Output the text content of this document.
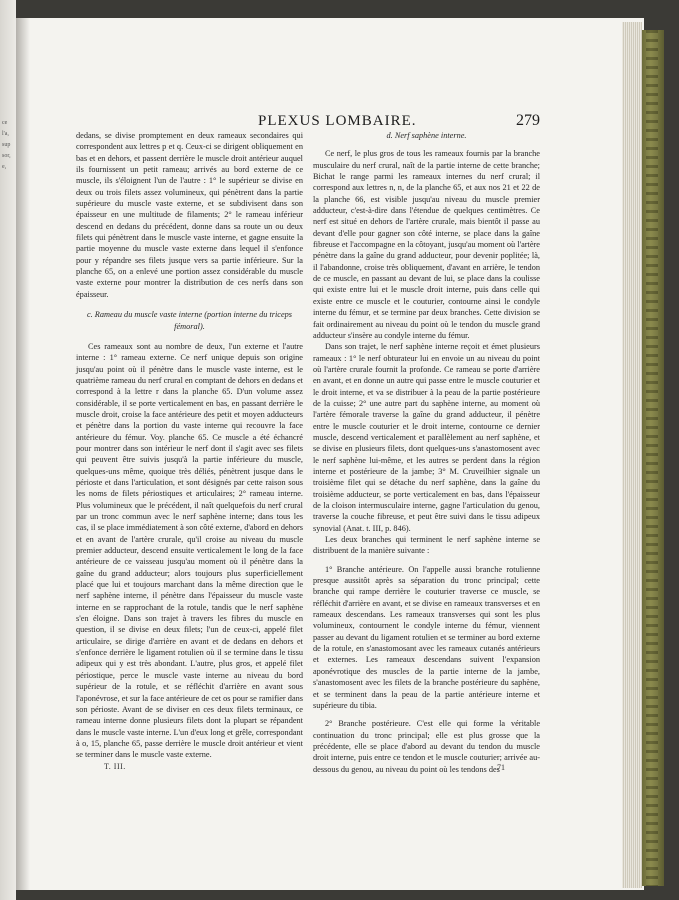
ce
l'a,
sup
sor,
e,
PLEXUS LOMBAIRE.	279

dedans, se divise promptement en deux rameaux secondaires qui correspondent aux lettres p et q. Ceux-ci se dirigent obliquement en bas et en dehors, et passent derrière le muscle droit antérieur auquel ils fournissent un petit rameau; arrivés au bord externe de ce muscle, ils s'éloignent l'un de l'autre : 1° le supérieur se divise en deux ou trois filets assez volumineux, qui pénètrent dans la partie supérieure du muscle vaste externe, et se subdivisent dans son épaisseur en une multitude de filaments; 2° le rameau inférieur descend en dedans du précédent, donne dans sa route un ou deux filets qui pénètrent dans le muscle vaste interne, et gagne ensuite la partie moyenne du muscle vaste externe dans lequel il s'enfonce pour y répandre ses filets jusque vers sa partie inférieure. Sur la planche 65, on a enlevé une portion assez considérable du muscle vaste externe pour montrer la distribution de ces nerfs dans son épaisseur.

c. Rameau du muscle vaste interne (portion interne du triceps fémoral).

Ces rameaux sont au nombre de deux, l'un externe et l'autre interne : 1° rameau externe. Ce nerf unique depuis son origine jusqu'au point où il pénètre dans le muscle vaste interne, est le quatrième rameau du nerf crural en comptant de dehors en dedans et correspond à la lettre r dans la planche 65. D'un volume assez considérable, il se porte verticalement en bas, en passant derrière le muscle droit, croise la face antérieure des petit et moyen adducteurs et pénètre dans la portion du vaste interne qui recouvre la face antérieure du fémur. Voy. planche 65. Ce muscle a été échancré pour montrer dans son intérieur le nerf dont il s'agit avec ses filets qui peuvent être suivis jusqu'à la partie inférieure du muscle, quelques-uns même, quoique très déliés, pénètrent jusque dans le périoste et dans l'articulation, et sont désignés par cette raison sous les noms de filets périostiques et articulaires; 2° rameau interne. Plus volumineux que le précédent, il naît quelquefois du nerf crural par un tronc commun avec le nerf saphène interne; dans tous les cas, il se place immédiatement à son côté externe, d'abord en dehors et en avant de l'artère crurale, qu'il croise au niveau du muscle premier adducteur, descend ensuite verticalement le long de la face antérieure de ce vaisseau jusqu'au moment où il pénètre dans la gaîne du grand adducteur; alors toujours plus superficiellement placé que lui et toujours marchant dans la même direction que le nerf saphène interne, il pénètre dans l'épaisseur du muscle vaste interne en se rapprochant de la rotule, tandis que le nerf saphène s'en éloigne. Dans son trajet à travers les fibres du muscle en question, il se divise en deux filets; l'un de ceux-ci, appelé filet articulaire, se dirige d'arrière en avant et de dedans en dehors et s'enfonce derrière le ligament rotulien où il se termine dans le tissu adipeux qui y est très abondant. L'autre, plus gros, et appelé filet périostique, perce le muscle vaste interne au niveau du bord supérieur de la rotule, et se réfléchit d'arrière en avant sous l'aponévrose, et sur la face antérieure de cet os pour se ramifier dans son périoste. Avant de se diviser en ces deux filets terminaux, ce rameau interne donne plusieurs filets dont la plupart se répandent dans le muscle vaste interne. L'un d'eux long et grêle, correspondant à o, 15, planche 65, passe derrière le muscle droit antérieur et vient se terminer dans le muscle vaste externe.

d. Nerf saphène interne.

Ce nerf, le plus gros de tous les rameaux fournis par la branche musculaire du nerf crural, naît de la partie interne de cette branche; Bichat le range parmi les rameaux internes du nerf crural; il correspond aux lettres n, n, de la planche 65, et aux nos 21 et 22 de la planche 66, est visible jusqu'au niveau du muscle premier adducteur, c'est-à-dire dans l'étendue de quelques centimètres. Ce nerf est situé en dehors de l'artère crurale, mais bientôt il passe au devant d'elle pour gagner son côté interne, se place dans la gaîne fibreuse et l'accompagne en la côtoyant, jusqu'au moment où l'artère pénètre dans la gaîne du grand adducteur, pour devenir poplitée; là, il l'abandonne, croise très obliquement, d'avant en arrière, le tendon de ce muscle, en passant au devant de lui, se place dans la coulisse qui existe entre lui et le muscle droit interne, puis dans celle qui existe entre ce muscle et le couturier, contourne ainsi le condyle interne du fémur, et se termine par deux branches. Cette division se fait ordinairement au niveau du point où le tendon du muscle grand adducteur s'insère au condyle interne du fémur.

Dans son trajet, le nerf saphène interne reçoit et émet plusieurs rameaux : 1° le nerf obturateur lui en envoie un au niveau du point où l'artère crurale fournit la profonde. Ce rameau se porte d'arrière en avant, et en donne un autre qui passe entre le muscle couturier et le droit interne, et va se distribuer à la peau de la partie postérieure de la cuisse; 2° une autre part du saphène interne, au moment où l'artère fémorale traverse la gaîne du grand adducteur, il pénètre entre le muscle couturier et le droit interne, contourne ce dernier muscle, descend verticalement et parallèlement au nerf saphène, et se divise en plusieurs filets, dont quelques-uns s'anastomosent avec le nerf saphène lui-même, et les autres se perdent dans la région interne et postérieure de la jambe; 3° M. Cruveilhier signale un troisième filet qui se détache du nerf saphène, dans la gaîne du troisième adducteur, se porte verticalement en bas, dans l'épaisseur de la cloison intermusculaire interne, gagne l'articulation du genou, traverse la couche fibreuse, et peut être suivi dans le tissu adipeux synovial (Anat. t. III, p. 846).

Les deux branches qui terminent le nerf saphène interne se distribuent de la manière suivante :

1° Branche antérieure. On l'appelle aussi branche rotulienne presque aussitôt après sa séparation du tronc principal; cette branche qui rampe derrière le couturier traverse ce muscle, se réfléchit d'arrière en avant, et se divise en rameaux transverses et en rameaux descendans. Les rameaux transverses qui sont les plus volumineux, contournent le condyle interne du fémur, viennent passer au devant du ligament rotulien et se terminer au bord externe de la rotule, en s'anastomosant avec les rameaux cutanés antérieurs et externes. Les rameaux descendans suivent l'expansion aponévrotique des muscles de la partie interne de la jambe, s'anastomosent avec les filets de la branche postérieure du saphène, et se terminent dans la peau de la partie antérieure interne et supérieure du tibia.

2° Branche postérieure. C'est elle qui forme la véritable continuation du tronc principal; elle est plus grosse que la précédente, elle se place d'abord au devant du tendon du muscle droit interne, puis entre ce tendon et le muscle couturier; arrivée au-dessous du genou, au niveau du point où les tendons des

T. III.	71
